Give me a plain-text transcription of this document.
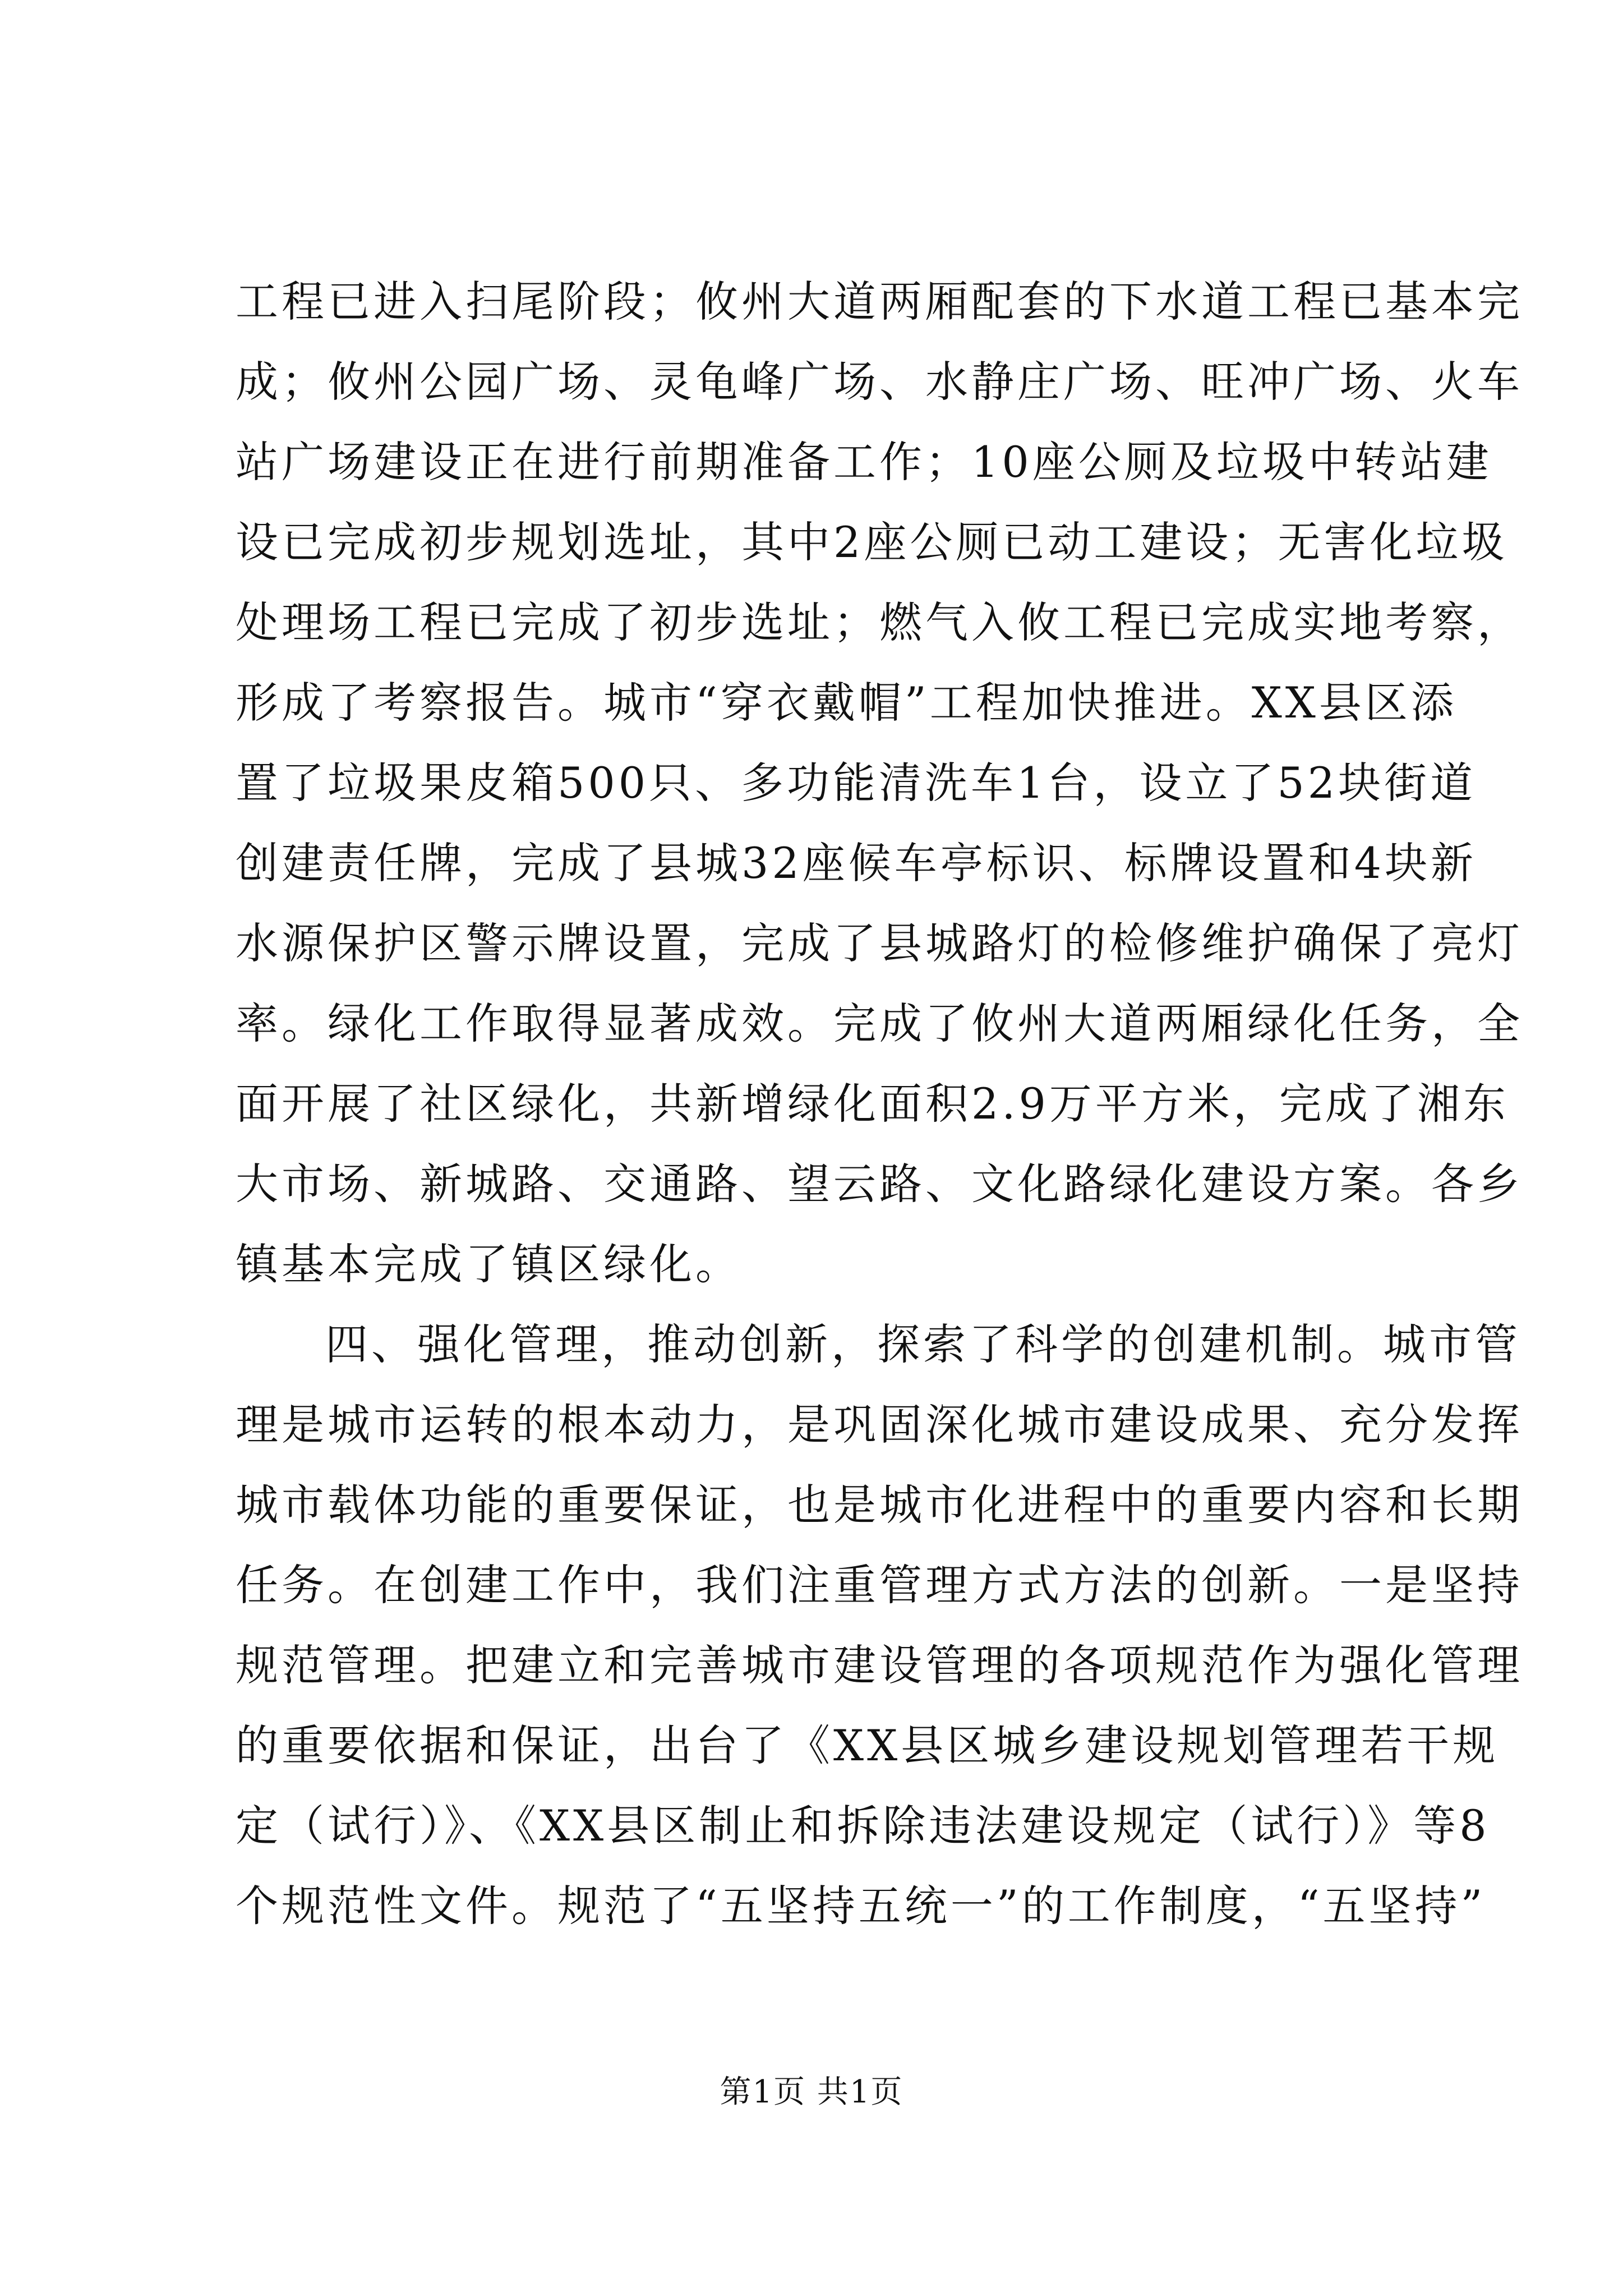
工程已进入扫尾阶段；攸州大道两厢配套的下水道工程已基本完
成；攸州公园广场、灵龟峰广场、水静庄广场、旺冲广场、火车
站广场建设正在进行前期准备工作；10座公厕及垃圾中转站建
设已完成初步规划选址，其中2座公厕已动工建设；无害化垃圾
处理场工程已完成了初步选址；燃气入攸工程已完成实地考察，
形成了考察报告。城市“穿衣戴帽”工程加快推进。XX县区添
置了垃圾果皮箱500只、多功能清洗车1台，设立了52块街道
创建责任牌，完成了县城32座候车亭标识、标牌设置和4块新
水源保护区警示牌设置，完成了县城路灯的检修维护确保了亮灯
率。绿化工作取得显著成效。完成了攸州大道两厢绿化任务，全
面开展了社区绿化，共新增绿化面积2.9万平方米，完成了湘东
大市场、新城路、交通路、望云路、文化路绿化建设方案。各乡
镇基本完成了镇区绿化。
四、强化管理，推动创新，探索了科学的创建机制。城市管
理是城市运转的根本动力，是巩固深化城市建设成果、充分发挥
城市载体功能的重要保证，也是城市化进程中的重要内容和长期
任务。在创建工作中，我们注重管理方式方法的创新。一是坚持
规范管理。把建立和完善城市建设管理的各项规范作为强化管理
的重要依据和保证，出台了《XX县区城乡建设规划管理若干规
定（试行）》、《XX县区制止和拆除违法建设规定（试行）》等8
个规范性文件。规范了“五坚持五统一”的工作制度，“五坚持”
第1页 共1页
